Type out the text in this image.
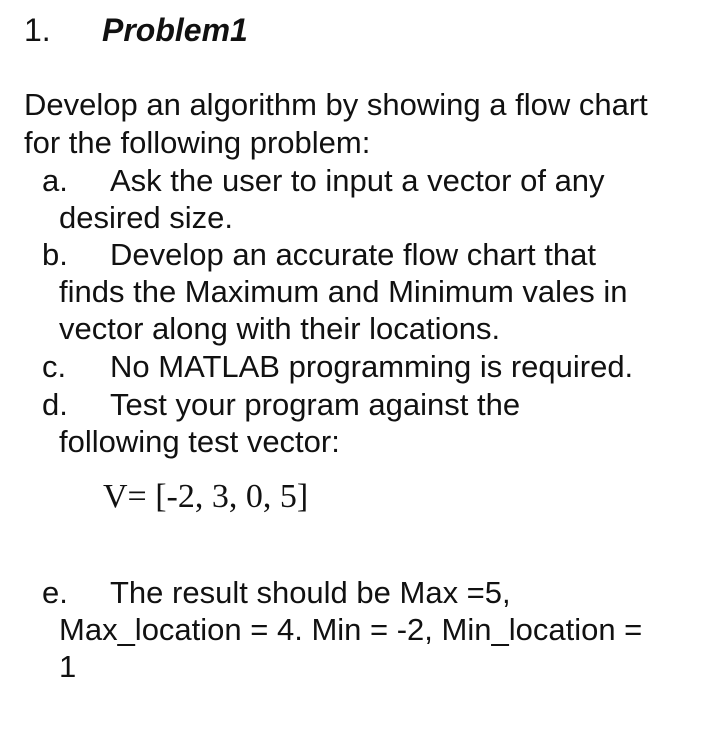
1.	Problem1
Develop an algorithm by showing a flow chart for the following problem:
a. Ask the user to input a vector of any
desired size.
b. Develop an accurate flow chart that
finds the Maximum and Minimum vales in
vector along with their locations.
c. No MATLAB programming is required.
d. Test your program against the
following test vector:
V= [-2, 3, 0, 5]
e. The result should be Max =5,
Max_location = 4. Min = -2, Min_location =
1
